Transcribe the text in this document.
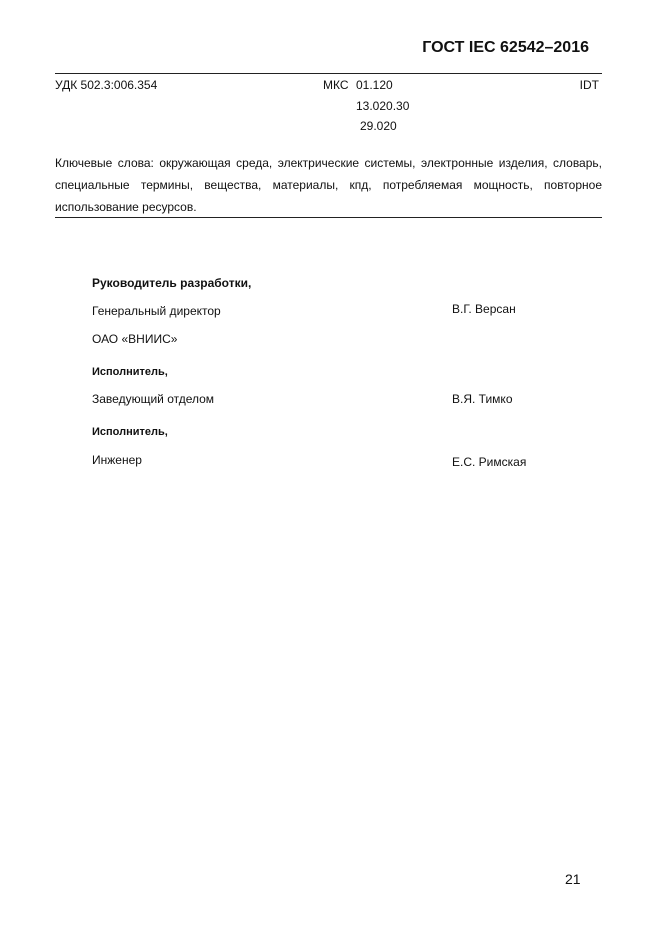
ГОСТ IEC 62542–2016
УДК 502.3:006.354	МКС 01.120
13.020.30
29.020
IDT
Ключевые слова: окружающая среда, электрические системы, электронные изделия, словарь, специальные термины, вещества, материалы, кпд, потребляемая мощность, повторное использование ресурсов.
Руководитель разработки,
Генеральный директор	В.Г. Версан
ОАО «ВНИИС»
Исполнитель,
Заведующий отделом	В.Я. Тимко
Исполнитель,
Инженер	Е.С. Римская
21
